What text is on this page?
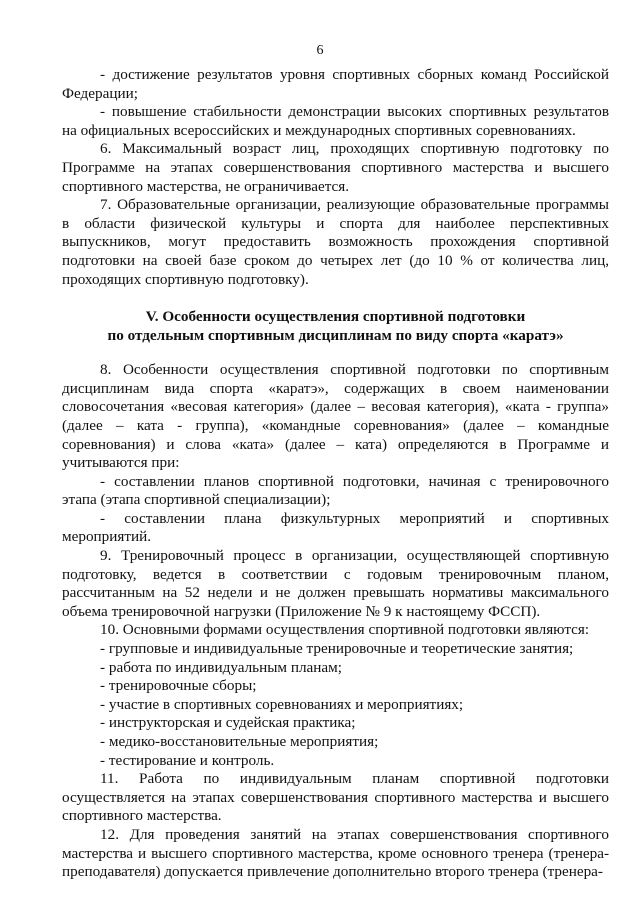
6

- достижение результатов уровня спортивных сборных команд Российской Федерации;

- повышение стабильности демонстрации высоких спортивных результатов на официальных всероссийских и международных спортивных соревнованиях.

6. Максимальный возраст лиц, проходящих спортивную подготовку по Программе на этапах совершенствования спортивного мастерства и высшего спортивного мастерства, не ограничивается.

7. Образовательные организации, реализующие образовательные программы в области физической культуры и спорта для наиболее перспективных выпускников, могут предоставить возможность прохождения спортивной подготовки на своей базе сроком до четырех лет (до 10 % от количества лиц, проходящих спортивную подготовку).

V. Особенности осуществления спортивной подготовки
по отдельным спортивным дисциплинам по виду спорта «каратэ»

8. Особенности осуществления спортивной подготовки по спортивным дисциплинам вида спорта «каратэ», содержащих в своем наименовании словосочетания «весовая категория» (далее – весовая категория), «ката - группа» (далее – ката - группа), «командные соревнования» (далее – командные соревнования) и слова «ката» (далее – ката) определяются в Программе и учитываются при:

- составлении планов спортивной подготовки, начиная с тренировочного этапа (этапа спортивной специализации);

- составлении плана физкультурных мероприятий и спортивных мероприятий.

9. Тренировочный процесс в организации, осуществляющей спортивную подготовку, ведется в соответствии с годовым тренировочным планом, рассчитанным на 52 недели и не должен превышать нормативы максимального объема тренировочной нагрузки (Приложение № 9 к настоящему ФССП).

10. Основными формами осуществления спортивной подготовки являются:

- групповые и индивидуальные тренировочные и теоретические занятия;

- работа по индивидуальным планам;

- тренировочные сборы;

- участие в спортивных соревнованиях и мероприятиях;

- инструкторская и судейская практика;

- медико-восстановительные мероприятия;

- тестирование и контроль.

11. Работа по индивидуальным планам спортивной подготовки осуществляется на этапах совершенствования спортивного мастерства и высшего спортивного мастерства.

12. Для проведения занятий на этапах совершенствования спортивного мастерства и высшего спортивного мастерства, кроме основного тренера (тренера-преподавателя) допускается привлечение дополнительно второго тренера (тренера-
